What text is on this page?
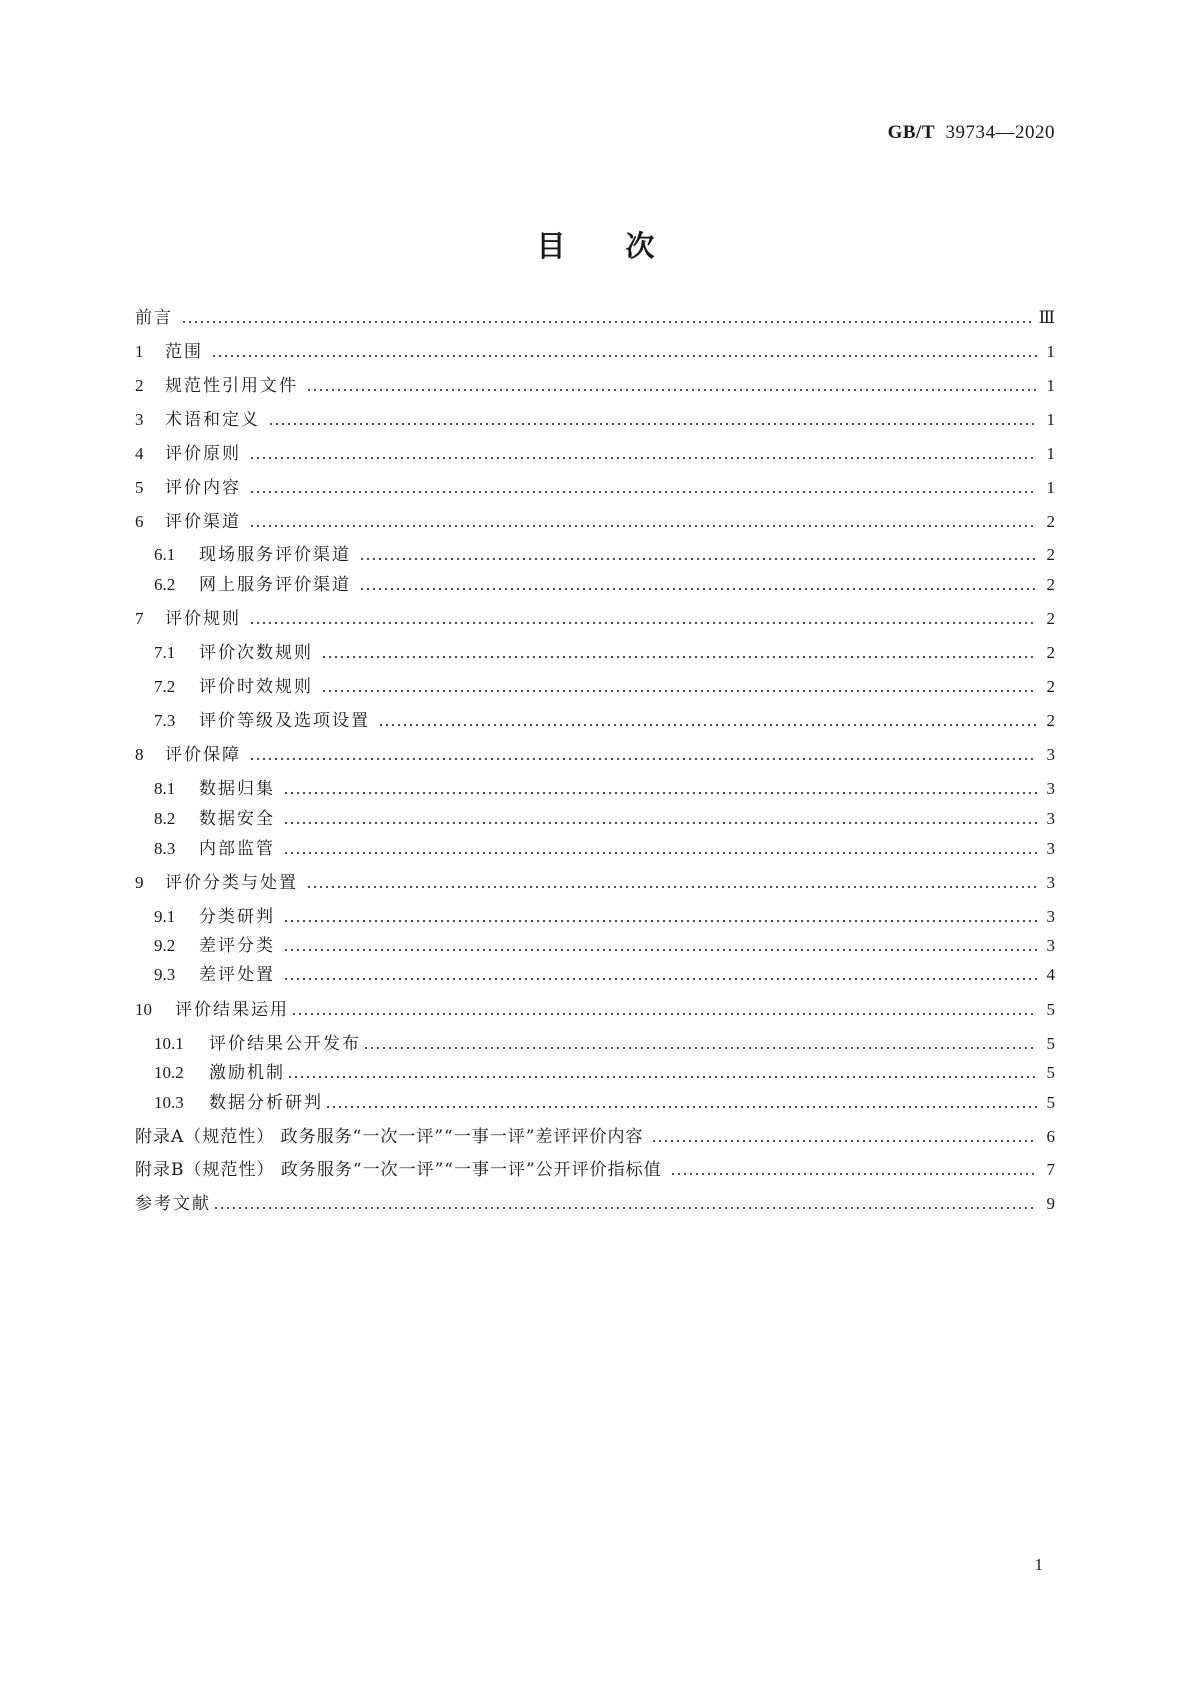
GB/T 39734—2020
目次
前言	Ⅲ
1	范围	1
2	规范性引用文件	1
3	术语和定义	1
4	评价原则	1
5	评价内容	1
6	评价渠道	2
6.1	现场服务评价渠道	2
6.2	网上服务评价渠道	2
7	评价规则	2
7.1	评价次数规则	2
7.2	评价时效规则	2
7.3	评价等级及选项设置	2
8	评价保障	3
8.1	数据归集	3
8.2	数据安全	3
8.3	内部监管	3
9	评价分类与处置	3
9.1	分类研判	3
9.2	差评分类	3
9.3	差评处置	4
10	评价结果运用	5
10.1	评价结果公开发布	5
10.2	激励机制	5
10.3	数据分析研判	5
附录A（规范性） 政务服务“一次一评”“一事一评”差评评价内容	6
附录B（规范性） 政务服务“一次一评”“一事一评”公开评价指标值	7
参考文献	9
1
